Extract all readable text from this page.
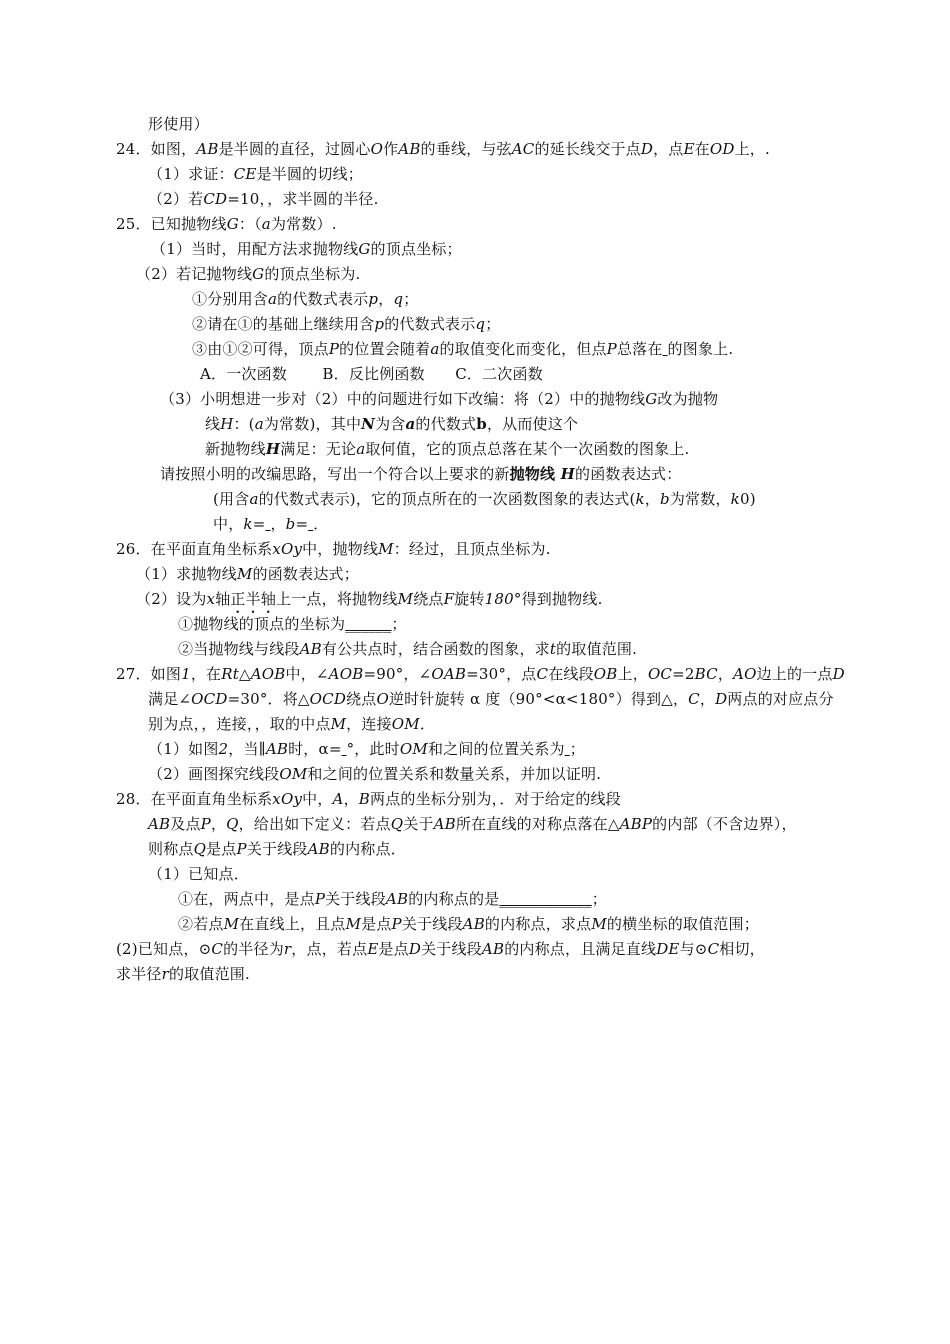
形使用）
24．如图，AB是半圆的直径，过圆心O作AB的垂线，与弦AC的延长线交于点D，点E在OD上，.
（1）求证：CE是半圆的切线；
（2）若CD=10，，求半圆的半径.
25．已知抛物线G：（a为常数）.
（1）当时，用配方法求抛物线G的顶点坐标；
（2）若记抛物线G的顶点坐标为.
①分别用含a的代数式表示p，q；
②请在①的基础上继续用含p的代数式表示q；
③由①②可得，顶点P的位置会随着a的取值变化而变化，但点P总落在 的图象上.
A．一次函数　　 B．反比例函数　　C．二次函数
（3）小明想进一步对（2）中的问题进行如下改编：将（2）中的抛物线G改为抛物
线H：(a为常数)，其中N为含a的代数式b，从而使这个
新抛物线H满足：无论a取何值，它的顶点总落在某个一次函数的图象上.
请按照小明的改编思路，写出一个符合以上要求的新抛物线 H的函数表达式：
(用含a的代数式表示)，它的顶点所在的一次函数图象的表达式(k，b为常数，k0)
中，k= ，b= ．
26．在平面直角坐标系xOy中，抛物线M：经过，且顶点坐标为.
（1）求抛物线M的函数表达式；
（2）设为x轴正半轴上一点，将抛物线M绕点F旋转180°得到抛物线.
①抛物线的顶点的坐标为______；
②当抛物线与线段AB有公共点时，结合函数的图象，求t的取值范围.
27．如图1，在Rt△AOB中，∠AOB=90°，∠OAB=30°，点C在线段OB上，OC=2BC，AO边上的一点D
满足∠OCD=30°．将△OCD绕点O逆时针旋转 α 度（90°<α<180°）得到△，C，D两点的对应点分
别为点，，连接，，取的中点M，连接OM．
（1）如图2，当∥AB时，α= °，此时OM和之间的位置关系为 ；
（2）画图探究线段OM和之间的位置关系和数量关系，并加以证明.
28．在平面直角坐标系xOy中，A，B两点的坐标分别为，．对于给定的线段
AB及点P，Q，给出如下定义：若点Q关于AB所在直线的对称点落在△ABP的内部（不含边界），
则称点Q是点P关于线段AB的内称点．
（1）已知点．
①在，两点中，是点P关于线段AB的内称点的是____________；
②若点M在直线上，且点M是点P关于线段AB的内称点，求点M的横坐标的取值范围；
(2)已知点，⊙C的半径为r，点，若点E是点D关于线段AB的内称点，且满足直线DE与⊙C相切，
求半径r的取值范围.
